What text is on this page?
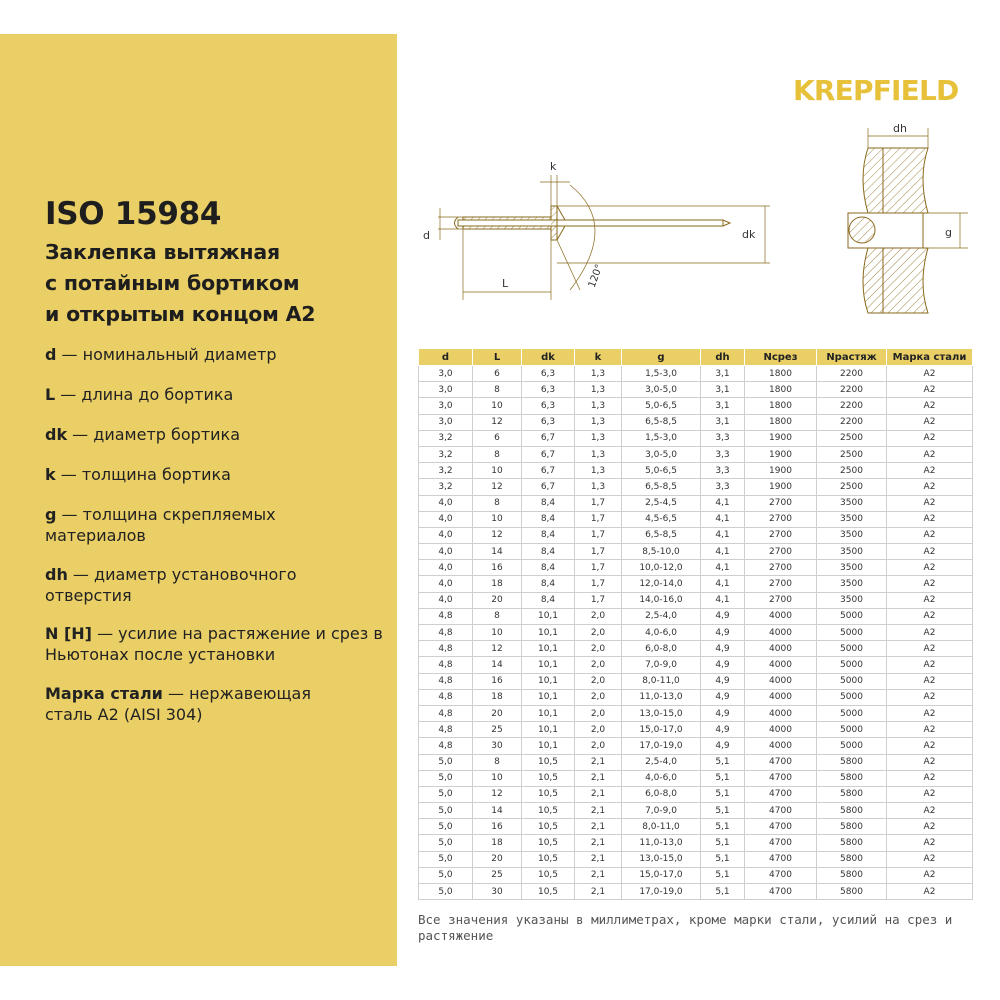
ISO 15984
Заклепка вытяжная
с потайным бортиком
и открытым концом А2
d — номинальный диаметр
L — длина до бортика
dk — диаметр бортика
k — толщина бортика
g — толщина скрепляемых материалов
dh — диаметр установочного отверстия
N [H] — усилие на растяжение и срез в Ньютонах после установки
Марка стали — нержавеющая сталь А2 (AISI 304)
KREPFIELD
k
d
L
dk
120°
dh
g
d	L	dk	k	g	dh	Nсрез	Nрастяж	Марка стали
3,0	6	6,3	1,3	1,5-3,0	3,1	1800	2200	A2
3,0	8	6,3	1,3	3,0-5,0	3,1	1800	2200	A2
3,0	10	6,3	1,3	5,0-6,5	3,1	1800	2200	A2
3,0	12	6,3	1,3	6,5-8,5	3,1	1800	2200	A2
3,2	6	6,7	1,3	1,5-3,0	3,3	1900	2500	A2
3,2	8	6,7	1,3	3,0-5,0	3,3	1900	2500	A2
3,2	10	6,7	1,3	5,0-6,5	3,3	1900	2500	A2
3,2	12	6,7	1,3	6,5-8,5	3,3	1900	2500	A2
4,0	8	8,4	1,7	2,5-4,5	4,1	2700	3500	A2
4,0	10	8,4	1,7	4,5-6,5	4,1	2700	3500	A2
4,0	12	8,4	1,7	6,5-8,5	4,1	2700	3500	A2
4,0	14	8,4	1,7	8,5-10,0	4,1	2700	3500	A2
4,0	16	8,4	1,7	10,0-12,0	4,1	2700	3500	A2
4,0	18	8,4	1,7	12,0-14,0	4,1	2700	3500	A2
4,0	20	8,4	1,7	14,0-16,0	4,1	2700	3500	A2
4,8	8	10,1	2,0	2,5-4,0	4,9	4000	5000	A2
4,8	10	10,1	2,0	4,0-6,0	4,9	4000	5000	A2
4,8	12	10,1	2,0	6,0-8,0	4,9	4000	5000	A2
4,8	14	10,1	2,0	7,0-9,0	4,9	4000	5000	A2
4,8	16	10,1	2,0	8,0-11,0	4,9	4000	5000	A2
4,8	18	10,1	2,0	11,0-13,0	4,9	4000	5000	A2
4,8	20	10,1	2,0	13,0-15,0	4,9	4000	5000	A2
4,8	25	10,1	2,0	15,0-17,0	4,9	4000	5000	A2
4,8	30	10,1	2,0	17,0-19,0	4,9	4000	5000	A2
5,0	8	10,5	2,1	2,5-4,0	5,1	4700	5800	A2
5,0	10	10,5	2,1	4,0-6,0	5,1	4700	5800	A2
5,0	12	10,5	2,1	6,0-8,0	5,1	4700	5800	A2
5,0	14	10,5	2,1	7,0-9,0	5,1	4700	5800	A2
5,0	16	10,5	2,1	8,0-11,0	5,1	4700	5800	A2
5,0	18	10,5	2,1	11,0-13,0	5,1	4700	5800	A2
5,0	20	10,5	2,1	13,0-15,0	5,1	4700	5800	A2
5,0	25	10,5	2,1	15,0-17,0	5,1	4700	5800	A2
5,0	30	10,5	2,1	17,0-19,0	5,1	4700	5800	A2
Все значения указаны в миллиметрах, кроме марки стали, усилий на срез и растяжение
